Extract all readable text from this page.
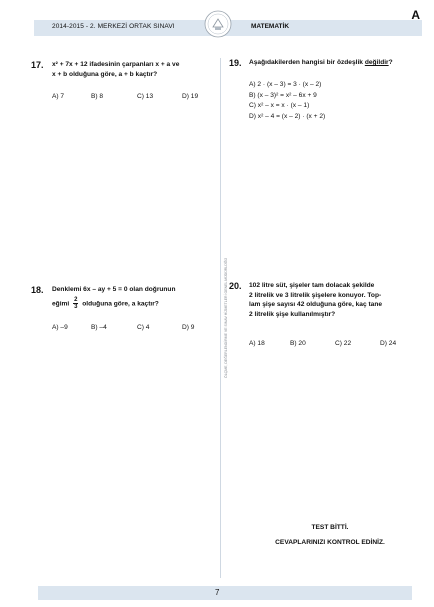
2014-2015 - 2. MERKEZİ ORTAK SINAVI	MATEMATİK
A
ÖLÇME, DEĞERLENDİRME VE SINAV HİZMETLERİ GENEL MÜDÜRLÜĞÜ
17. x² + 7x + 12 ifadesinin çarpanları x + a ve
x + b olduğuna göre, a + b kaçtır?
A) 7	B) 8	C) 13	D) 19
18. Denklemi 6x – ay + 5 = 0 olan doğrunun
eğimi $\frac{2}{3}$ olduğuna göre, a kaçtır?
A) –9	B) –4	C) 4	D) 9
19. Aşağıdakilerden hangisi bir özdeşlik değildir?
A) 2 · (x – 3) = 3 · (x – 2)
B) (x – 3)² = x² – 6x + 9
C) x² – x = x · (x – 1)
D) x² – 4 = (x – 2) · (x + 2)
20. 102 litre süt, şişeler tam dolacak şekilde
2 litrelik ve 3 litrelik şişelere konuyor. Top-
lam şişe sayısı 42 olduğuna göre, kaç tane
2 litrelik şişe kullanılmıştır?
A) 18	B) 20	C) 22	D) 24
TEST BİTTİ.
CEVAPLARINIZI KONTROL EDİNİZ.
7
